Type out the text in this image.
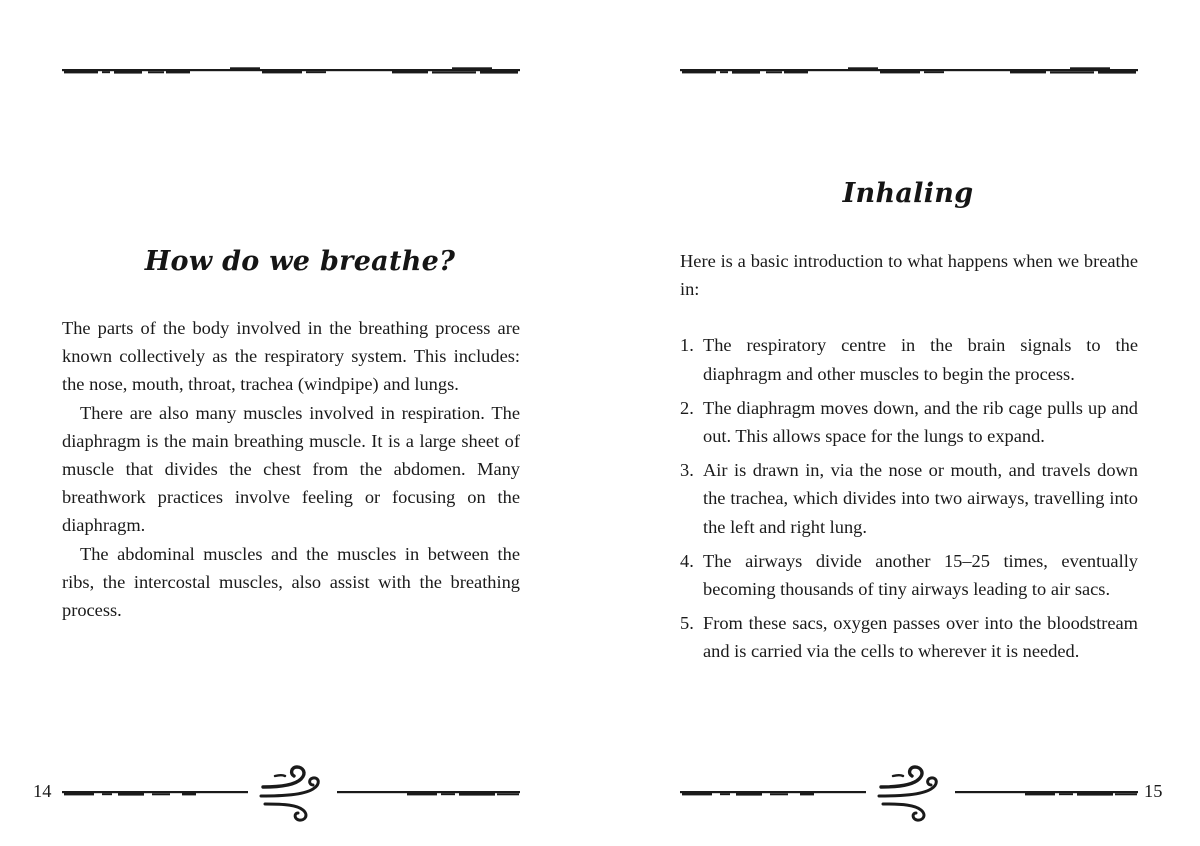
How do we breathe?

The parts of the body involved in the breathing process are known collectively as the respiratory system. This includes: the nose, mouth, throat, trachea (windpipe) and lungs.

There are also many muscles involved in respiration. The diaphragm is the main breathing muscle. It is a large sheet of muscle that divides the chest from the abdomen. Many breathwork practices involve feeling or focusing on the diaphragm.

The abdominal muscles and the muscles in between the ribs, the intercostal muscles, also assist with the breathing process.

14
Inhaling

Here is a basic introduction to what happens when we breathe in:

1. The respiratory centre in the brain signals to the diaphragm and other muscles to begin the process.
2. The diaphragm moves down, and the rib cage pulls up and out. This allows space for the lungs to expand.
3. Air is drawn in, via the nose or mouth, and travels down the trachea, which divides into two airways, travelling into the left and right lung.
4. The airways divide another 15–25 times, eventually becoming thousands of tiny airways leading to air sacs.
5. From these sacs, oxygen passes over into the bloodstream and is carried via the cells to wherever it is needed.
15
